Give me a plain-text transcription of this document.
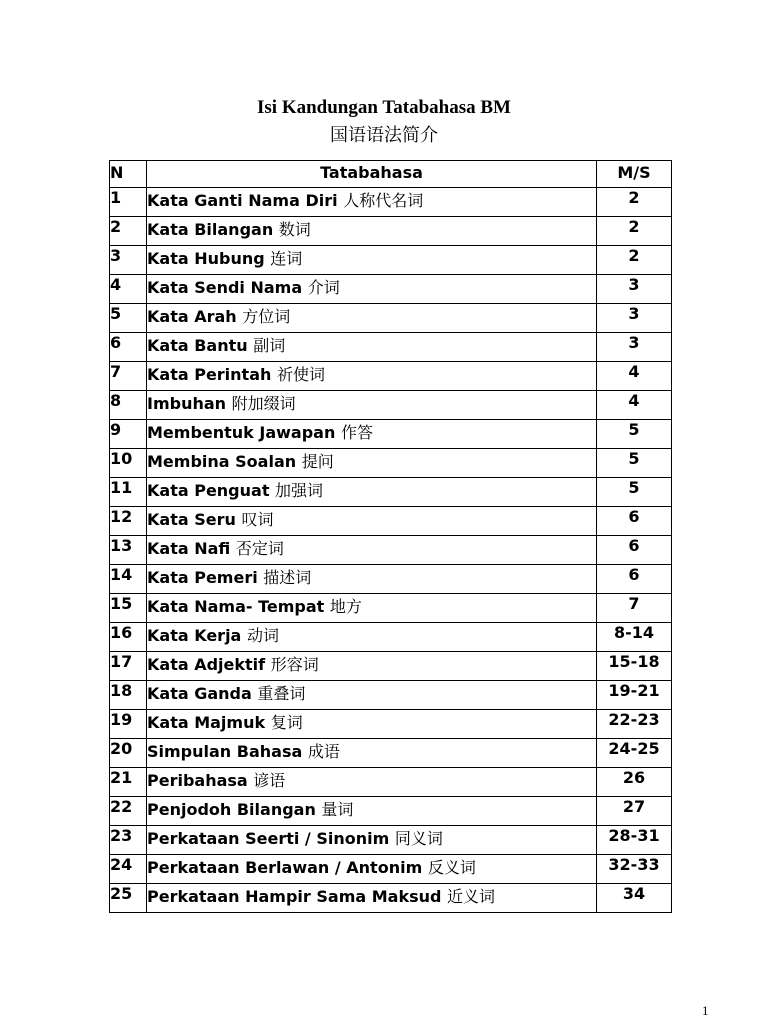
Isi Kandungan Tatabahasa BM
国语语法简介
N	Tatabahasa	M/S

1	Kata Ganti Nama Diri 人称代名词	2

2	Kata Bilangan 数词	2

3	Kata Hubung 连词	2

4	Kata Sendi Nama 介词	3

5	Kata Arah 方位词	3

6	Kata Bantu 副词	3

7	Kata Perintah 祈使词	4

8	Imbuhan 附加缀词	4

9	Membentuk Jawapan 作答	5

10	Membina Soalan 提问	5

11	Kata Penguat 加强词	5

12	Kata Seru 叹词	6

13	Kata Nafi 否定词	6

14	Kata Pemeri 描述词	6

15	Kata Nama- Tempat 地方	7

16	Kata Kerja 动词	8-14

17	Kata Adjektif 形容词	15-18

18	Kata Ganda 重叠词	19-21

19	Kata Majmuk 复词	22-23

20	Simpulan Bahasa 成语	24-25

21	Peribahasa 谚语	26

22	Penjodoh Bilangan 量词	27

23	Perkataan Seerti / Sinonim 同义词	28-31

24	Perkataan Berlawan / Antonim 反义词	32-33

25	Perkataan Hampir Sama Maksud 近义词	34
1
